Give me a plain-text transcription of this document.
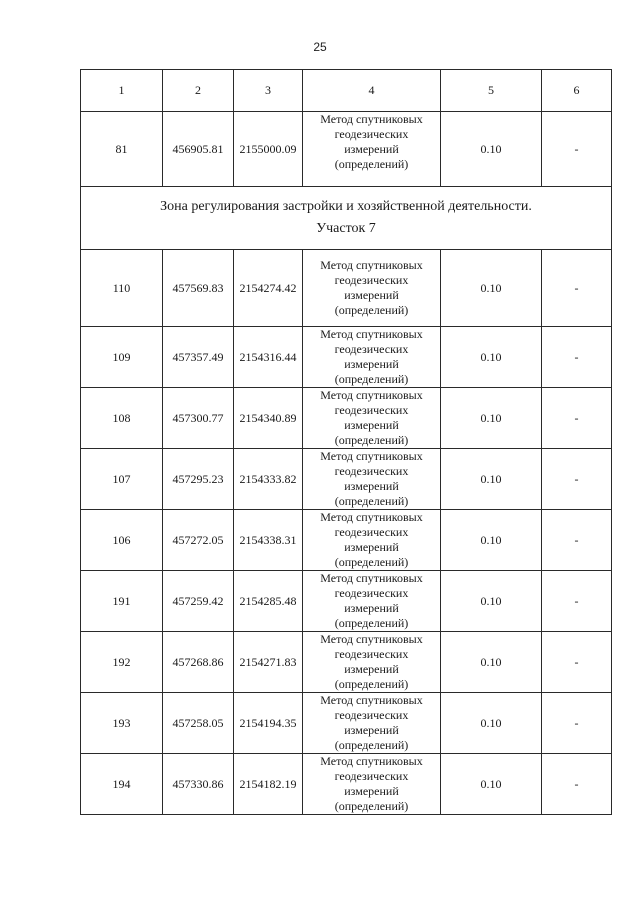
25
1	2	3	4	5	6
81	456905.81	2155000.09	Метод спутниковых
геодезических
измерений
(определений)	0.10	-

Зона регулирования застройки и хозяйственной деятельности.
Участок 7					

110	457569.83	2154274.42	Метод спутниковых
геодезических
измерений
(определений)	0.10	-
109	457357.49	2154316.44	Метод спутниковых
геодезических
измерений
(определений)	0.10	-
108	457300.77	2154340.89	Метод спутниковых
геодезических
измерений
(определений)	0.10	-
107	457295.23	2154333.82	Метод спутниковых
геодезических
измерений
(определений)	0.10	-
106	457272.05	2154338.31	Метод спутниковых
геодезических
измерений
(определений)	0.10	-
191	457259.42	2154285.48	Метод спутниковых
геодезических
измерений
(определений)	0.10	-
192	457268.86	2154271.83	Метод спутниковых
геодезических
измерений
(определений)	0.10	-
193	457258.05	2154194.35	Метод спутниковых
геодезических
измерений
(определений)	0.10	-
194	457330.86	2154182.19	Метод спутниковых
геодезических
измерений
(определений)	0.10	-
